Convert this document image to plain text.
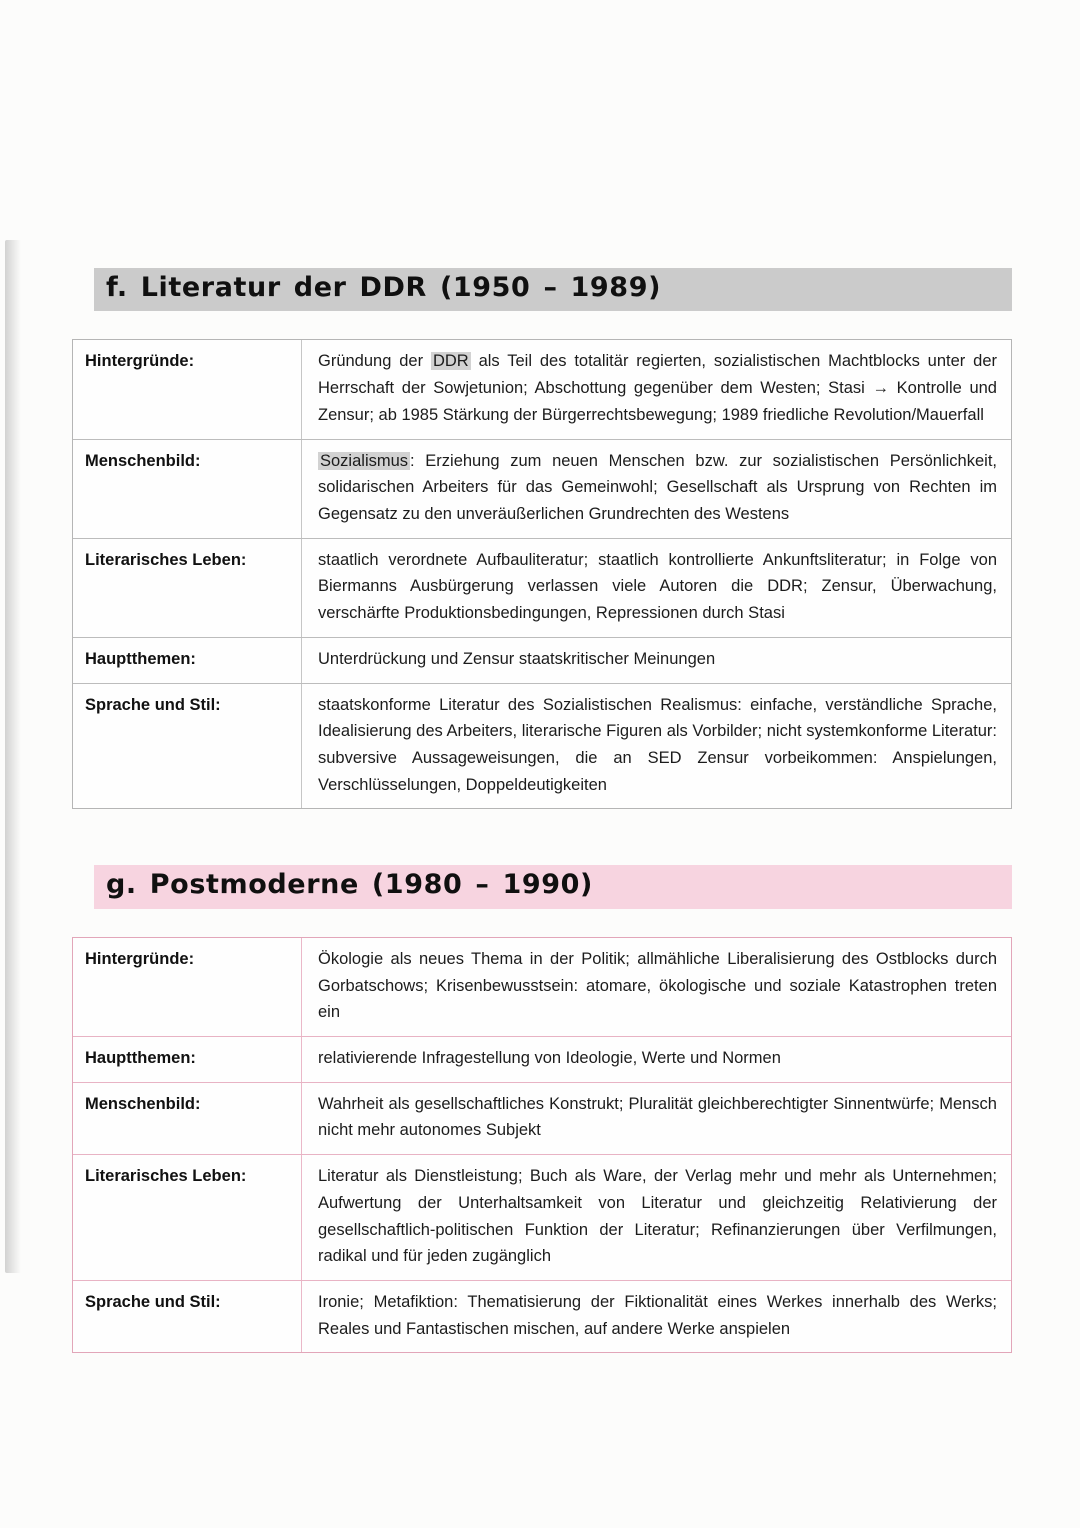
f. Literatur der DDR (1950 – 1989)
Hintergründe:	Gründung der DDR als Teil des totalitär regierten, sozialistischen Machtblocks unter der Herrschaft der Sowjetunion; Abschottung gegenüber dem Westen; Stasi → Kontrolle und Zensur; ab 1985 Stärkung der Bürgerrechtsbewegung; 1989 friedliche Revolution/Mauerfall
Menschenbild:	Sozialismus : Erziehung zum neuen Menschen bzw. zur sozialistischen Persönlichkeit, solidarischen Arbeiters für das Gemeinwohl; Gesellschaft als Ursprung von Rechten im Gegensatz zu den unveräußerlichen Grundrechten des Westens
Literarisches Leben:	staatlich verordnete Aufbauliteratur; staatlich kontrollierte Ankunftsliteratur; in Folge von Biermanns Ausbürgerung verlassen viele Autoren die DDR; Zensur, Überwachung, verschärfte Produktionsbedingungen, Repressionen durch Stasi
Hauptthemen:	Unterdrückung und Zensur staatskritischer Meinungen
Sprache und Stil:	staatskonforme Literatur des Sozialistischen Realismus: einfache, verständliche Sprache, Idealisierung des Arbeiters, literarische Figuren als Vorbilder; nicht systemkonforme Literatur: subversive Aussageweisungen, die an SED Zensur vorbeikommen: Anspielungen, Verschlüsselungen, Doppeldeutigkeiten
g. Postmoderne (1980 – 1990)
Hintergründe:	Ökologie als neues Thema in der Politik; allmähliche Liberalisierung des Ostblocks durch Gorbatschows; Krisenbewusstsein: atomare, ökologische und soziale Katastrophen treten ein
Hauptthemen:	relativierende Infragestellung von Ideologie, Werte und Normen
Menschenbild:	Wahrheit als gesellschaftliches Konstrukt; Pluralität gleichberechtigter Sinnentwürfe; Mensch nicht mehr autonomes Subjekt
Literarisches Leben:	Literatur als Dienstleistung; Buch als Ware, der Verlag mehr und mehr als Unternehmen; Aufwertung der Unterhaltsamkeit von Literatur und gleichzeitig Relativierung der gesellschaftlich-politischen Funktion der Literatur; Refinanzierungen über Verfilmungen, radikal und für jeden zugänglich
Sprache und Stil:	Ironie; Metafiktion: Thematisierung der Fiktionalität eines Werkes innerhalb des Werks; Reales und Fantastischen mischen, auf andere Werke anspielen
